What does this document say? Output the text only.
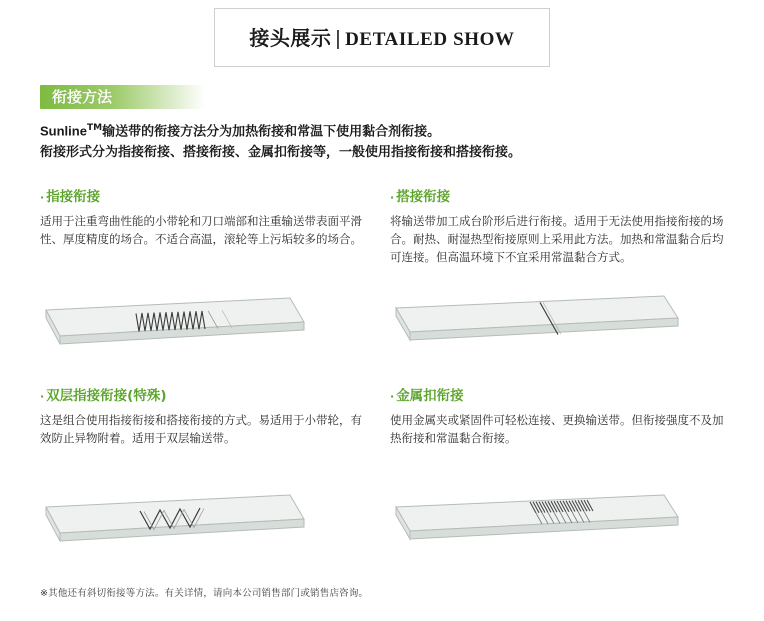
接头展示 | DETAILED SHOW
衔接方法
Sunline™输送带的衔接方法分为加热衔接和常温下使用黏合剂衔接。
衔接形式分为指接衔接、搭接衔接、金属扣衔接等，一般使用指接衔接和搭接衔接。
· 指接衔接
适用于注重弯曲性能的小带轮和刀口端部和注重输送带表面平滑性、厚度精度的场合。不适合高温，滚轮等上污垢较多的场合。
· 搭接衔接
将输送带加工成台阶形后进行衔接。适用于无法使用指接衔接的场合。耐热、耐湿热型衔接原则上采用此方法。加热和常温黏合后均可连接。但高温环境下不宜采用常温黏合方式。
· 双层指接衔接(特殊)
这是组合使用指接衔接和搭接衔接的方式。易适用于小带轮，有效防止异物附着。适用于双层输送带。
· 金属扣衔接
使用金属夹或紧固件可轻松连接、更换输送带。但衔接强度不及加热衔接和常温黏合衔接。
※其他还有斜切衔接等方法。有关详情，请向本公司销售部门或销售店咨询。
